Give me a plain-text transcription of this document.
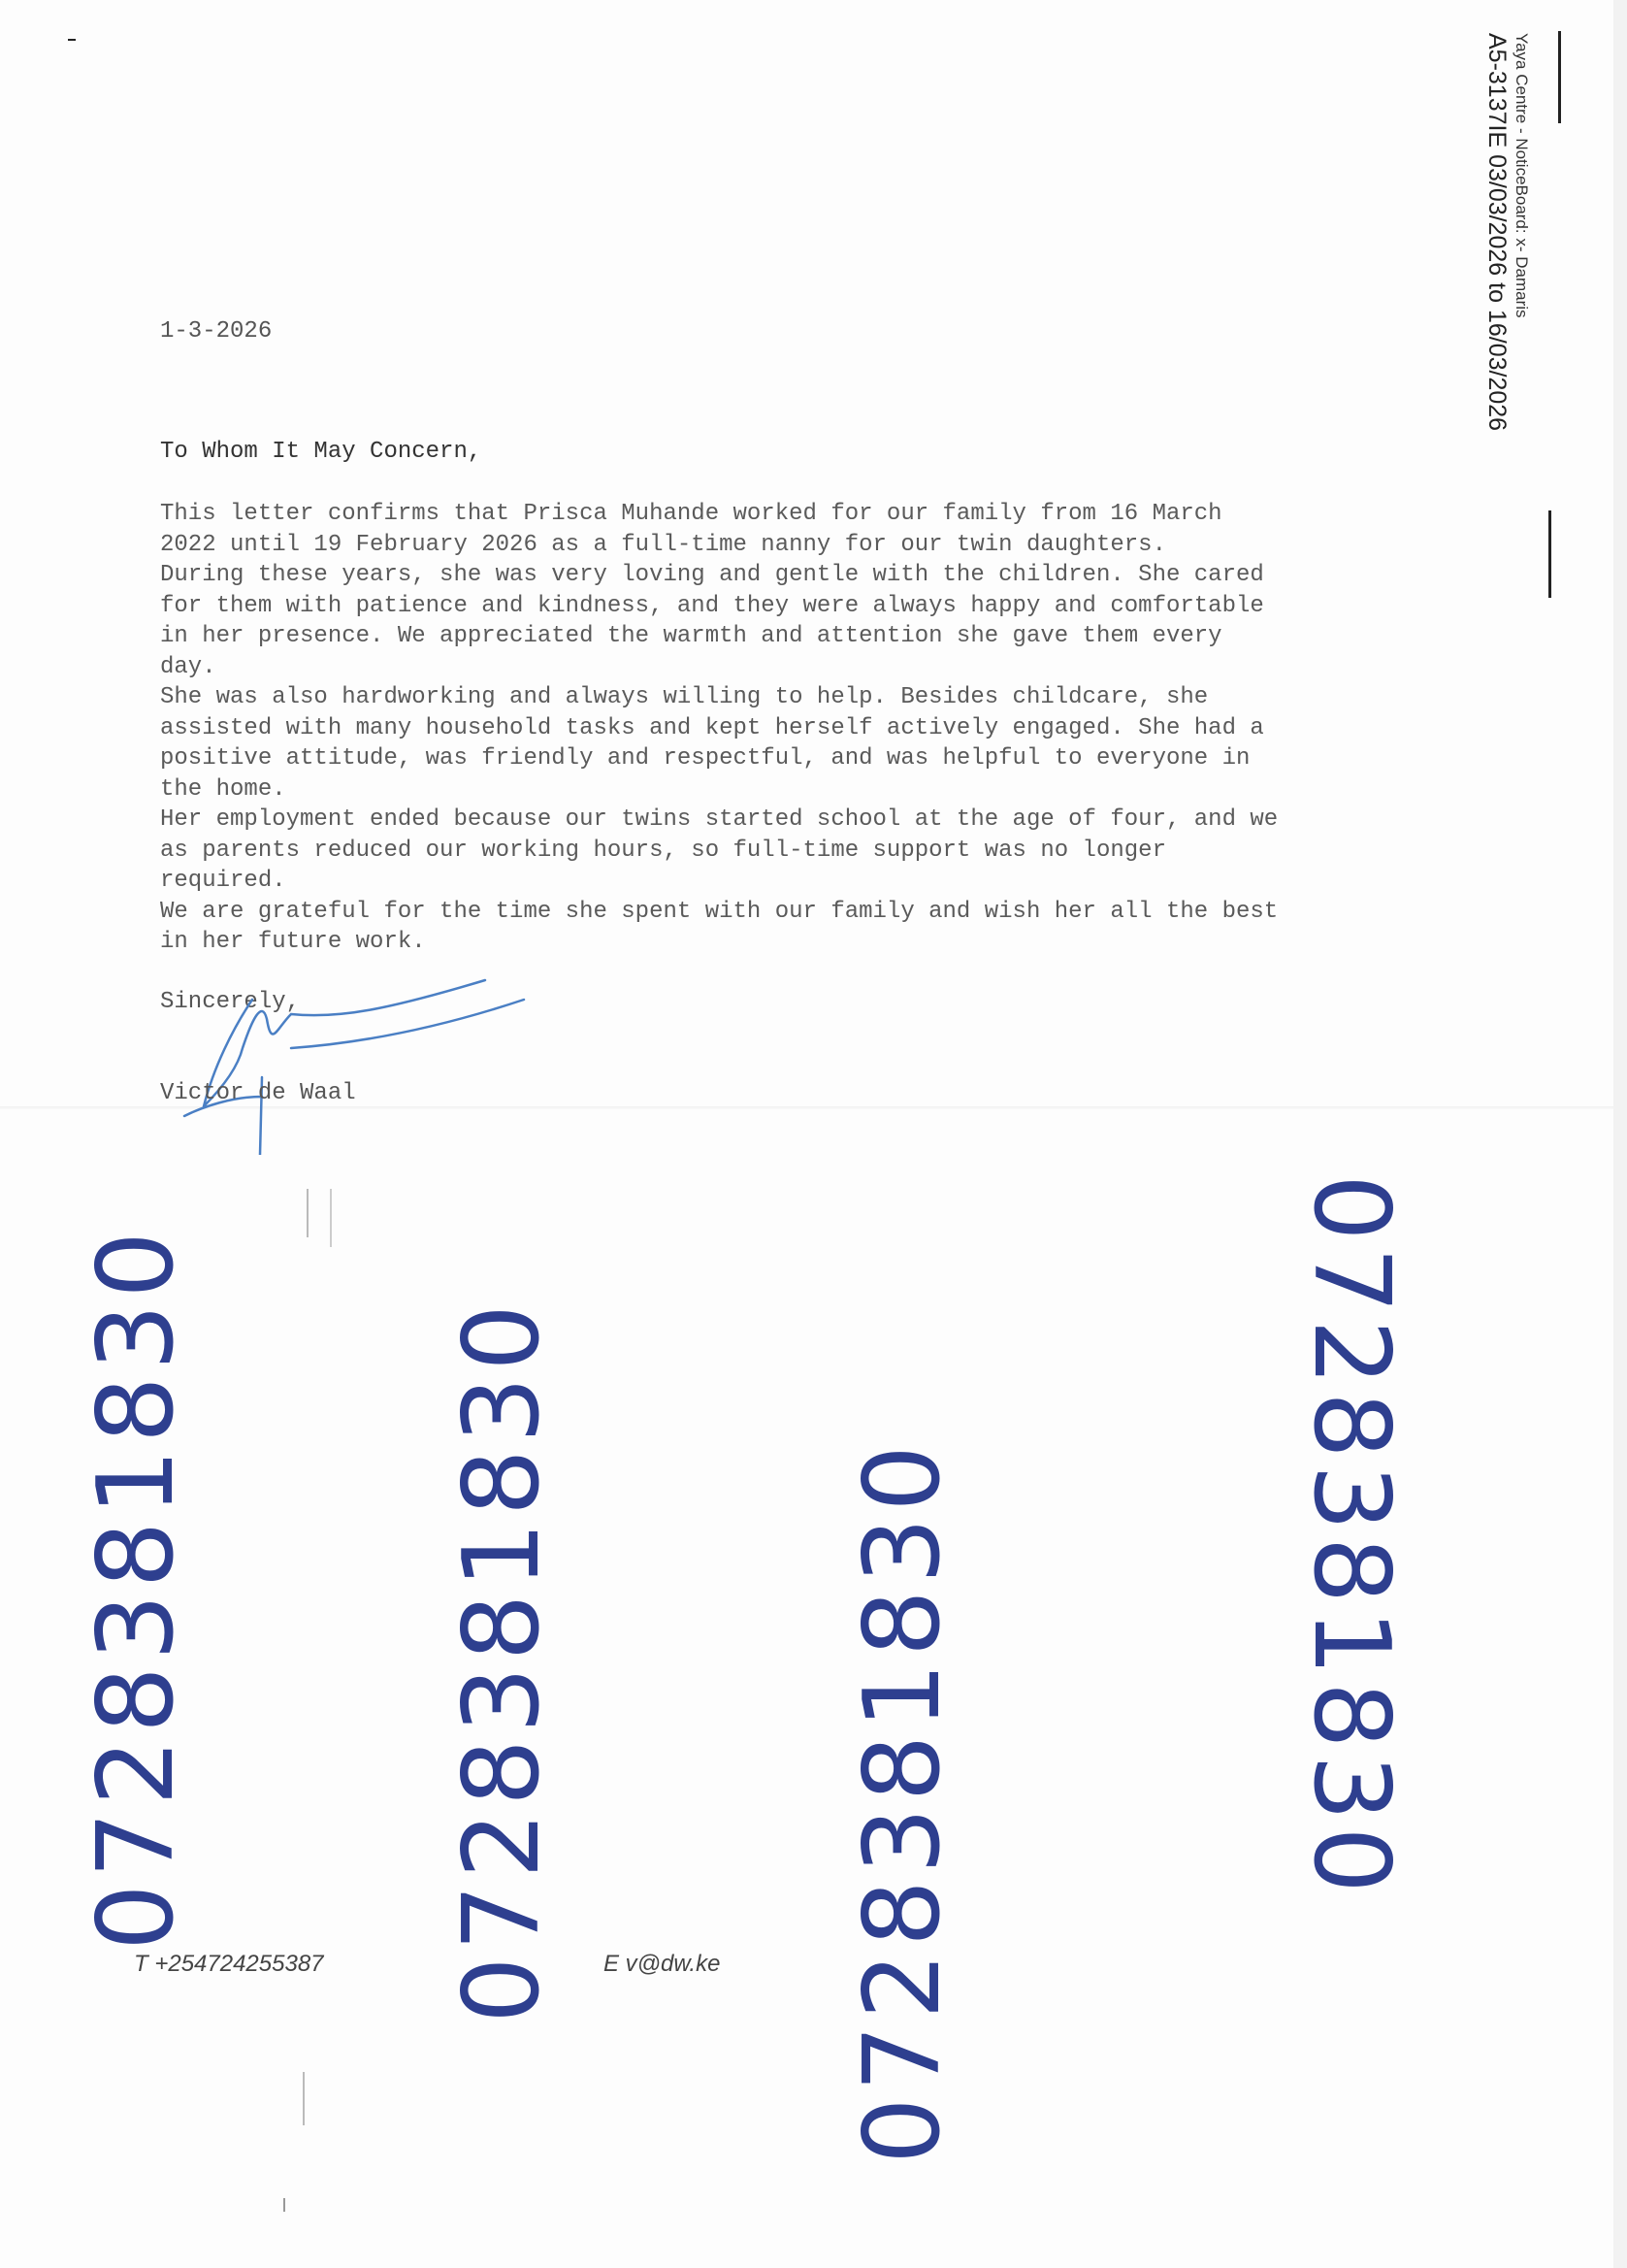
Yaya Centre - NoticeBoard: x- Damaris
A5-3137IE 03/03/2026 to 16/03/2026
1-3-2026
To Whom It May Concern,

This letter confirms that Prisca Muhande worked for our family from 16 March
2022 until 19 February 2026 as a full-time nanny for our twin daughters.

During these years, she was very loving and gentle with the children. She cared
for them with patience and kindness, and they were always happy and comfortable
in her presence. We appreciated the warmth and attention she gave them every
day.

She was also hardworking and always willing to help. Besides childcare, she
assisted with many household tasks and kept herself actively engaged. She had a
positive attitude, was friendly and respectful, and was helpful to everyone in
the home.

Her employment ended because our twins started school at the age of four, and we
as parents reduced our working hours, so full-time support was no longer
required.

We are grateful for the time she spent with our family and wish her all the best
in her future work.

Sincerely,
Victor de Waal
T +254724255387	E v@dw.ke
0728381830 0728381830	0728381830	0728381830
